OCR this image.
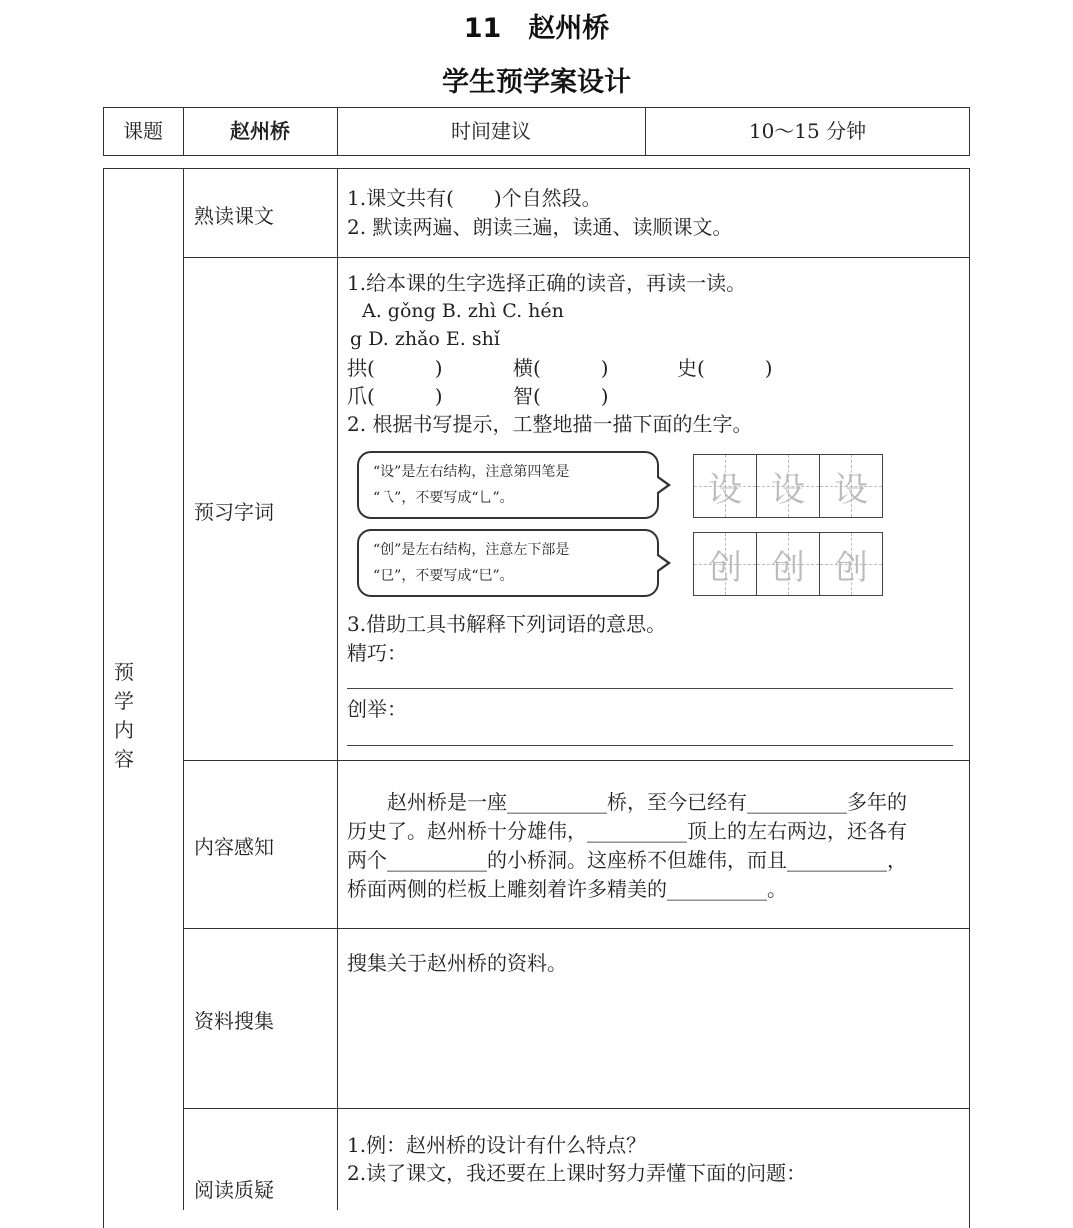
11　赵州桥
学生预学案设计
课题	赵州桥	时间建议	10～15 分钟
预学内容
熟读课文
1.课文共有(　　)个自然段。
2. 默读两遍、朗读三遍，读通、读顺课文。
预习字词
1.给本课的生字选择正确的读音，再读一读。
A. gǒng B. zhì C. hén
g D. zhǎo E. shǐ
拱(　　　)	横(　　　)	史(　　　)
爪(　　　)	智(　　　)
2. 根据书写提示，工整地描一描下面的生字。
“设”是左右结构，注意第四笔是
“乁”，不要写成“乚”。	设 设 设
“创”是左右结构，注意左下部是
“㔾”，不要写成“巳”。	创 创 创
3.借助工具书解释下列词语的意思。
精巧：
创举：
内容感知
　　赵州桥是一座__________桥，至今已经有__________多年的
历史了。赵州桥十分雄伟，__________顶上的左右两边，还各有
两个__________的小桥洞。这座桥不但雄伟，而且__________，
桥面两侧的栏板上雕刻着许多精美的__________。
资料搜集
搜集关于赵州桥的资料。
阅读质疑
1.例：赵州桥的设计有什么特点？
2.读了课文，我还要在上课时努力弄懂下面的问题：
